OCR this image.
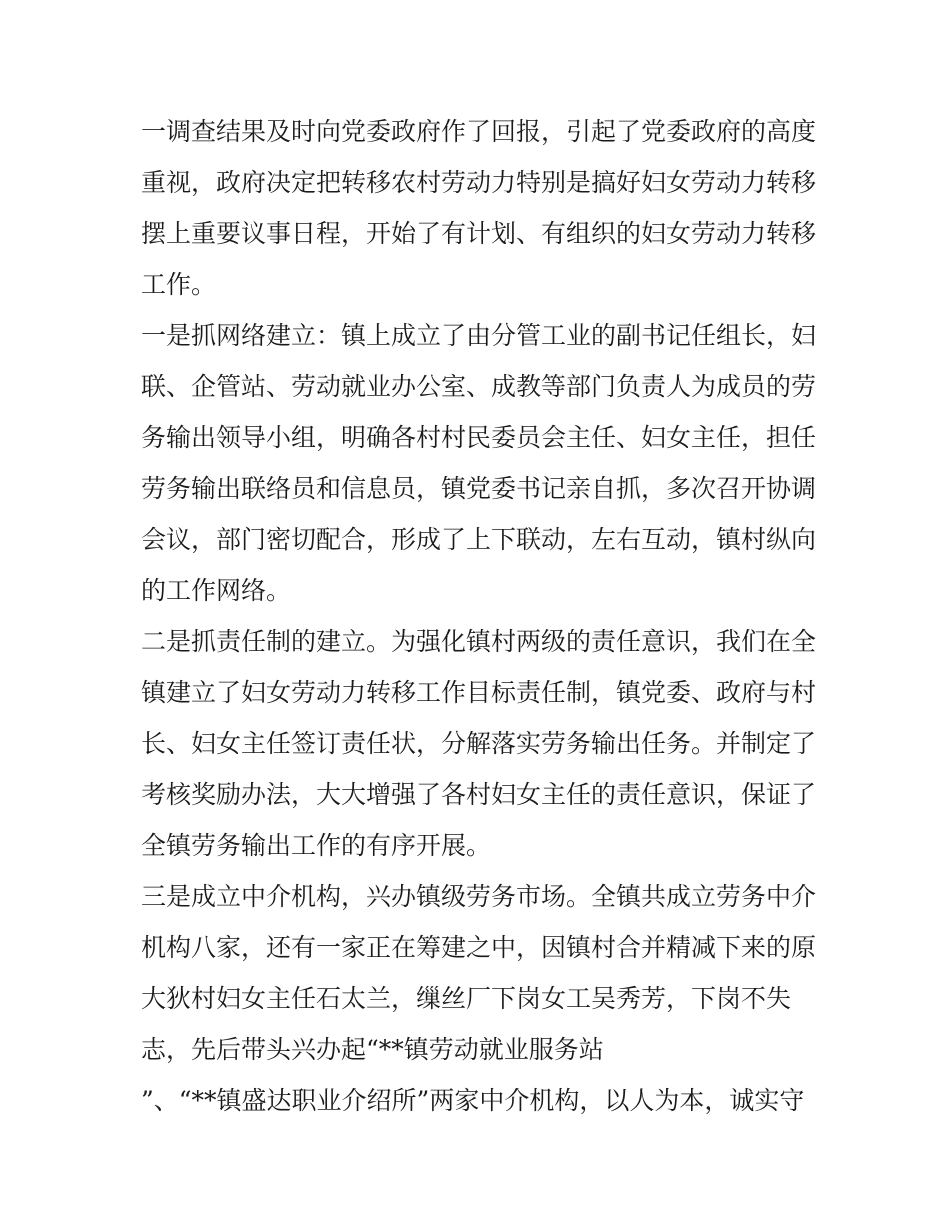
一调查结果及时向党委政府作了回报，引起了党委政府的高度
重视，政府决定把转移农村劳动力特别是搞好妇女劳动力转移
摆上重要议事日程，开始了有计划、有组织的妇女劳动力转移
工作。
一是抓网络建立：镇上成立了由分管工业的副书记任组长，妇
联、企管站、劳动就业办公室、成教等部门负责人为成员的劳
务输出领导小组，明确各村村民委员会主任、妇女主任，担任
劳务输出联络员和信息员，镇党委书记亲自抓，多次召开协调
会议，部门密切配合，形成了上下联动，左右互动，镇村纵向
的工作网络。
二是抓责任制的建立。为强化镇村两级的责任意识，我们在全
镇建立了妇女劳动力转移工作目标责任制，镇党委、政府与村
长、妇女主任签订责任状，分解落实劳务输出任务。并制定了
考核奖励办法，大大增强了各村妇女主任的责任意识，保证了
全镇劳务输出工作的有序开展。
三是成立中介机构，兴办镇级劳务市场。全镇共成立劳务中介
机构八家，还有一家正在筹建之中，因镇村合并精减下来的原
大狄村妇女主任石太兰，缫丝厂下岗女工吴秀芳，下岗不失
志，先后带头兴办起“**镇劳动就业服务站
”、“**镇盛达职业介绍所”两家中介机构，以人为本，诚实守
